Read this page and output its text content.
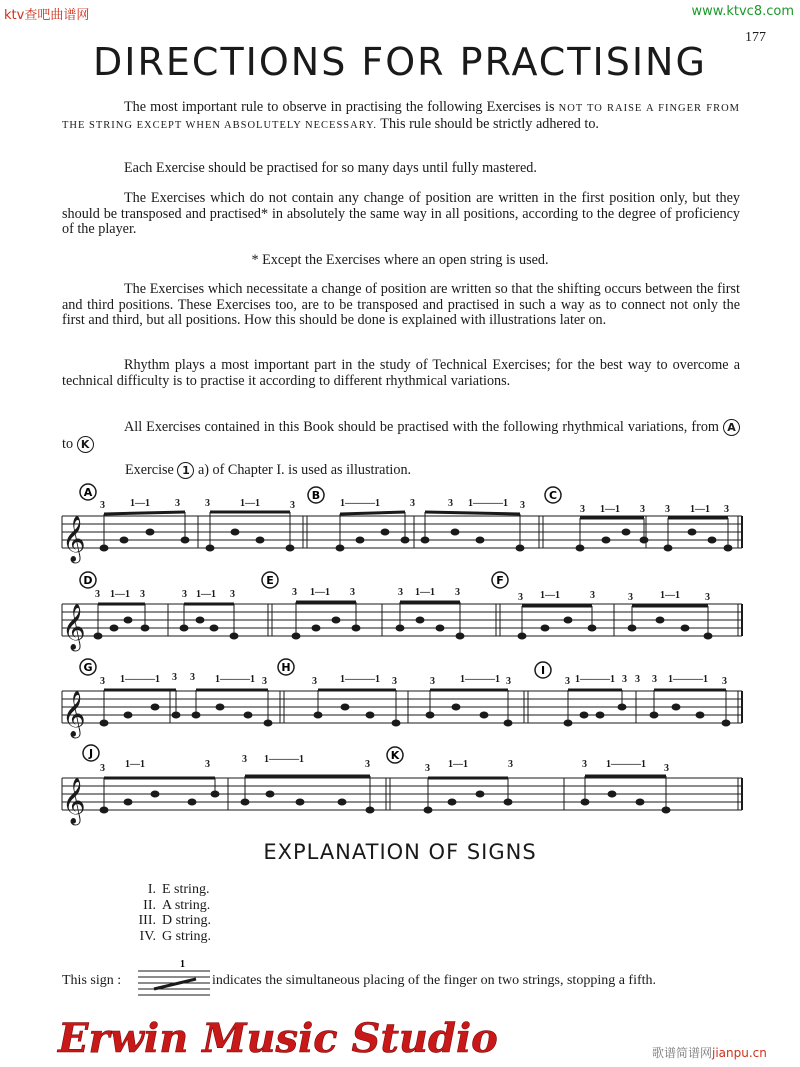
ktv查吧曲谱网	www.ktvc8.com
177
DIRECTIONS FOR PRACTISING

The most important rule to observe in practising the following Exercises is NOT TO RAISE A FINGER FROM THE STRING EXCEPT WHEN ABSOLUTELY NECESSARY. This rule should be strictly adhered to.

Each Exercise should be practised for so many days until fully mastered.

The Exercises which do not contain any change of position are written in the first position only, but they should be transposed and practised* in absolutely the same way in all positions, according to the degree of proficiency of the player.

* Except the Exercises where an open string is used.

The Exercises which necessitate a change of position are written so that the shifting occurs between the first and third positions. These Exercises too, are to be transposed and practised in such a way as to connect not only the first and third, but all positions. How this should be done is explained with illustrations later on.

Rhythm plays a most important part in the study of Technical Exercises; for the best way to overcome a technical difficulty is to practise it according to different rhythmical variations.

All Exercises contained in this Book should be practised with the following rhythmical variations, from A to K

Exercise 1 a) of Chapter I. is used as illustration.
𝄞
𝄞
𝄞
𝄞
A	B	C
D	E	F
G	H	I
J	K
3	1—1	3	3	1—1	3	1———1	3	3 1———1 3	3 1—1 3 3 1—1 3
3 1—1 3	3 1—1 3	3 1—1 3	3 1—1 3	3 1—1	3	3	1—1	3
3 1———1 3 3 1———1 3	3 1———1 3	3	1———1 3	3 1———1 3 3 3 1———1 3
3 1—1	3	3 1———1	3	3 1—1	3	3 1———1 3
EXPLANATION OF SIGNS
I. E string.
II. A string.
III. D string.
IV. G string.
This sign :
1
indicates the simultaneous placing of the finger on two strings, stopping a fifth.
Erwin Music Studio	歌谱简谱网jianpu.cn
